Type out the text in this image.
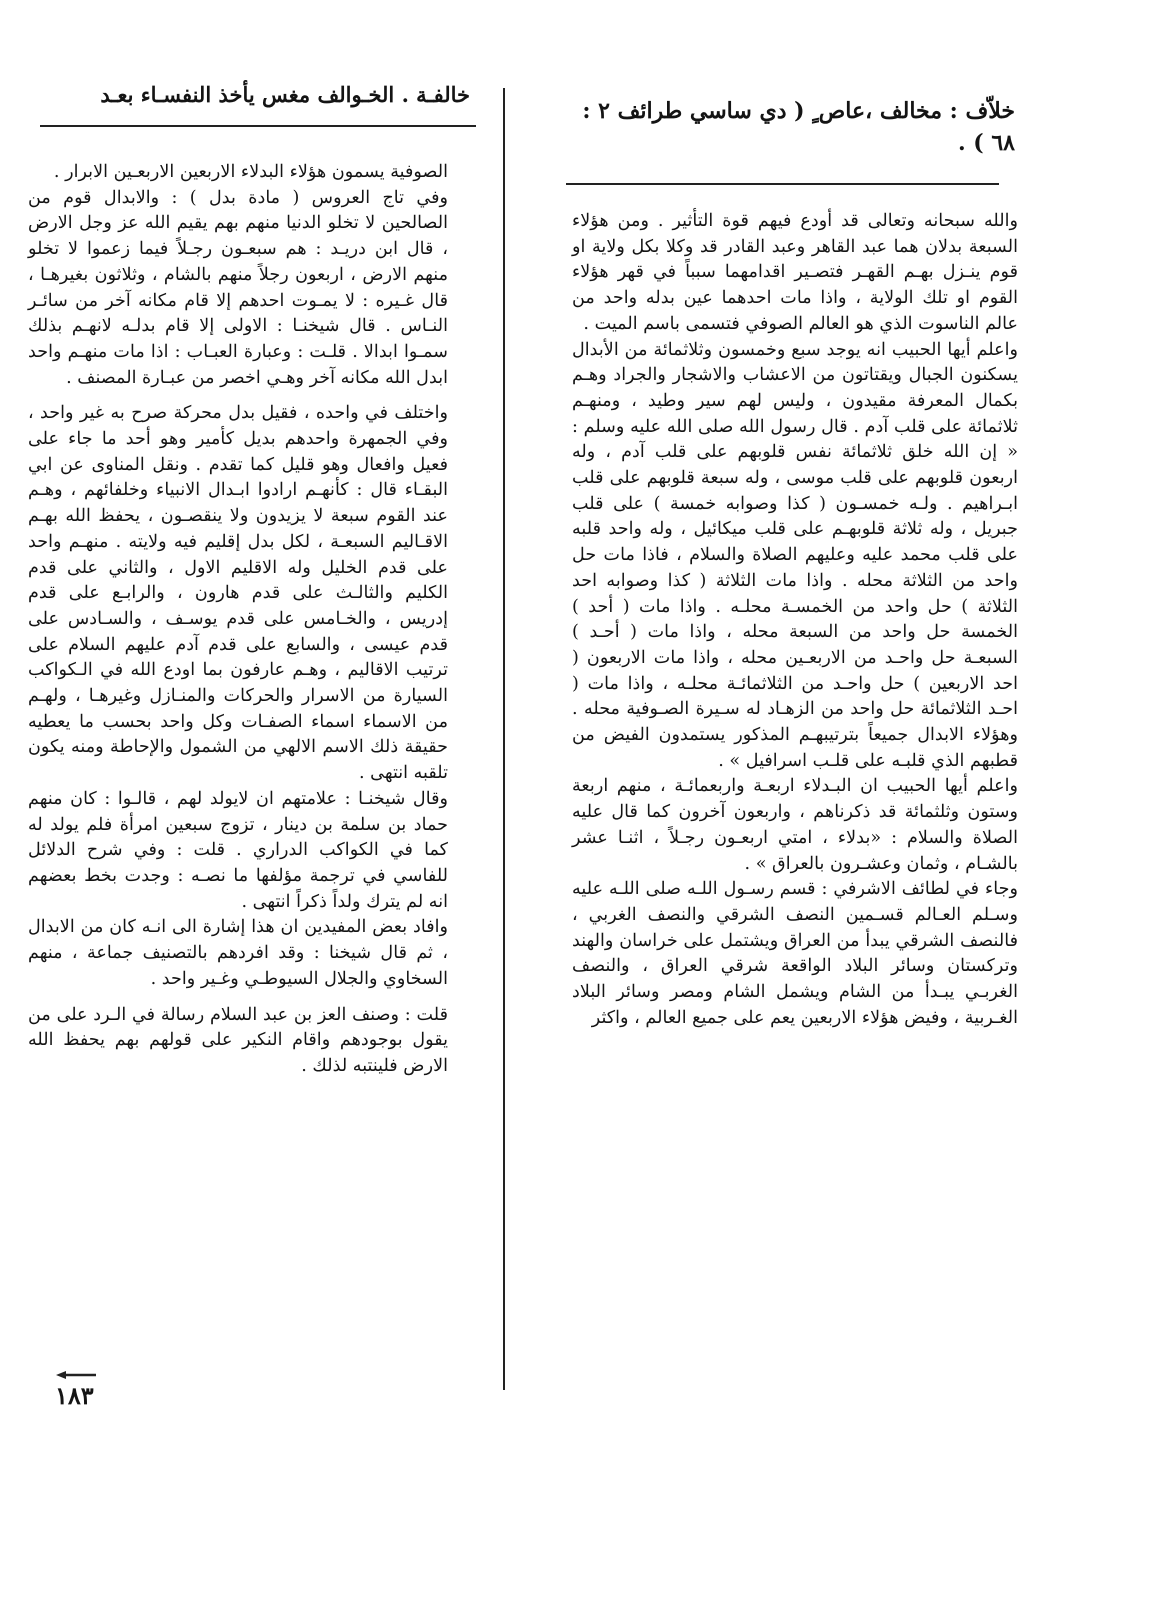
خلاّف : مخالف ،عاص ٍ ( دي ساسي طرائف ٢ : ٦٨ ) .
خالفـة . الخـوالف مغس يأخذ النفسـاء بعـد

والله سبحانه وتعالى قد أودع فيهم قوة التأثير . ومن هؤلاء السبعة بدلان هما عبد القاهر وعبد القادر قد وكلا بكل ولاية او قوم ينـزل بهـم القهـر فتصـير اقدامهما سبباً في قهر هؤلاء القوم او تلك الولاية ، واذا مات احدهما عين بدله واحد من عالم الناسوت الذي هو العالم الصوفي فتسمى باسم الميت .

واعلم أيها الحبيب انه يوجد سبع وخمسون وثلاثمائة من الأبدال يسكنون الجبال ويقتاتون من الاعشاب والاشجار والجراد وهـم بكمال المعرفة مقيدون ، وليس لهم سير وطيد ، ومنهـم ثلاثمائة على قلب آدم . قال رسول الله صلى الله عليه وسلم : « إن الله خلق ثلاثمائة نفس قلوبهم على قلب آدم ، وله اربعون قلوبهم على قلب موسى ، وله سبعة قلوبهم على قلب ابـراهيم . ولـه خمسـون ( كذا وصوابه خمسة ) على قلب جبريل ، وله ثلاثة قلوبهـم على قلب ميكائيل ، وله واحد قلبه على قلب محمد عليه وعليهم الصلاة والسلام ، فاذا مات حل واحد من الثلاثة محله . واذا مات الثلاثة ( كذا وصوابه احد الثلاثة ) حل واحد من الخمسـة محلـه . واذا مات ( أحد ) الخمسة حل واحد من السبعة محله ، واذا مات ( أحـد ) السبعـة حل واحـد من الاربعـين محله ، واذا مات الاربعون ( احد الاربعين ) حل واحـد من الثلاثمائـة محلـه ، واذا مات ( احـد الثلاثمائة حل واحد من الزهـاد له سـيرة الصـوفية محله . وهؤلاء الابدال جميعاً بترتيبهـم المذكور يستمدون الفيض من قطبهم الذي قلبـه على قلـب اسرافيل » .

واعلم أيها الحبيب ان البـدلاء اربعـة واربعمائـة ، منهم اربعة وستون وثلثمائة قد ذكرناهم ، واربعون آخرون كما قال عليه الصلاة والسلام : «بدلاء ، امتي اربعـون رجـلاً ، اثنـا عشر بالشـام ، وثمان وعشـرون بالعراق » .

وجاء في لطائف الاشرفي : قسم رسـول اللـه صلى اللـه عليه وسـلم العـالم قسـمين النصف الشرقي والنصف الغربي ، فالنصف الشرقي يبدأ من العراق ويشتمل على خراسان والهند وتركستان وسائر البلاد الواقعة شرقي العراق ، والنصف الغربـي يبـدأ من الشام ويشمل الشام ومصر وسائر البلاد الغـربية ، وفيض هؤلاء الاربعين يعم على جميع العالم ، واكثر

الصوفية يسمون هؤلاء البدلاء الاربعين الاربعـين الابرار .

وفي تاج العروس ( مادة بدل ) : والابدال قوم من الصالحين لا تخلو الدنيا منهم بهم يقيم الله عز وجل الارض ، قال ابن دريـد : هم سبعـون رجـلاً فيما زعموا لا تخلو منهم الارض ، اربعون رجلاً منهم بالشام ، وثلاثون بغيرهـا ، قال غـيره : لا يمـوت احدهم إلا قام مكانه آخر من سائـر النـاس . قال شيخنـا : الاولى إلا قام بدلـه لانهـم بذلك سمـوا ابدالا . قلـت : وعبارة العبـاب : اذا مات منهـم واحد ابدل الله مكانه آخر وهـي اخصر من عبـارة المصنف .

واختلف في واحده ، فقيل بدل محركة صرح به غير واحد ، وفي الجمهرة واحدهم بديل كأمير وهو أحد ما جاء على فعيل وافعال وهو قليل كما تقدم . ونقل المناوى عن ابي البقـاء قال : كأنهـم ارادوا ابـدال الانبياء وخلفائهم ، وهـم عند القوم سبعة لا يزيدون ولا ينقصـون ، يحفظ الله بهـم الاقـاليم السبعـة ، لكل بدل إقليم فيه ولايته . منهـم واحد على قدم الخليل وله الاقليم الاول ، والثاني على قدم الكليم والثالـث على قدم هارون ، والرابـع على قدم إدريس ، والخـامس على قدم يوسـف ، والسـادس على قدم عيسى ، والسابع على قدم آدم عليهم السلام على ترتيب الاقاليم ، وهـم عارفون بما اودع الله في الـكواكب السيارة من الاسرار والحركات والمنـازل وغيرهـا ، ولهـم من الاسماء اسماء الصفـات وكل واحد بحسب ما يعطيه حقيقة ذلك الاسم الالهي من الشمول والإحاطة ومنه يكون تلقبه انتهى .

وقال شيخنـا : علامتهم ان لايولد لهم ، قالـوا : كان منهم حماد بن سلمة بن دينار ، تزوج سبعين امرأة فلم يولد له كما في الكواكب الدراري . قلت : وفي شرح الدلائل للفاسي في ترجمة مؤلفها ما نصـه : وجدت بخط بعضهم انه لم يترك ولداً ذكراً انتهى .

وافاد بعض المفيدين ان هذا إشارة الى انـه كان من الابدال ، ثم قال شيخنا : وقد افردهم بالتصنيف جماعة ، منهم السخاوي والجلال السيوطـي وغـير واحد .

قلت : وصنف العز بن عبد السلام رسالة في الـرد على من يقول بوجودهم واقام النكير على قولهم بهم يحفظ الله الارض فلينتبه لذلك .

١٨٣
